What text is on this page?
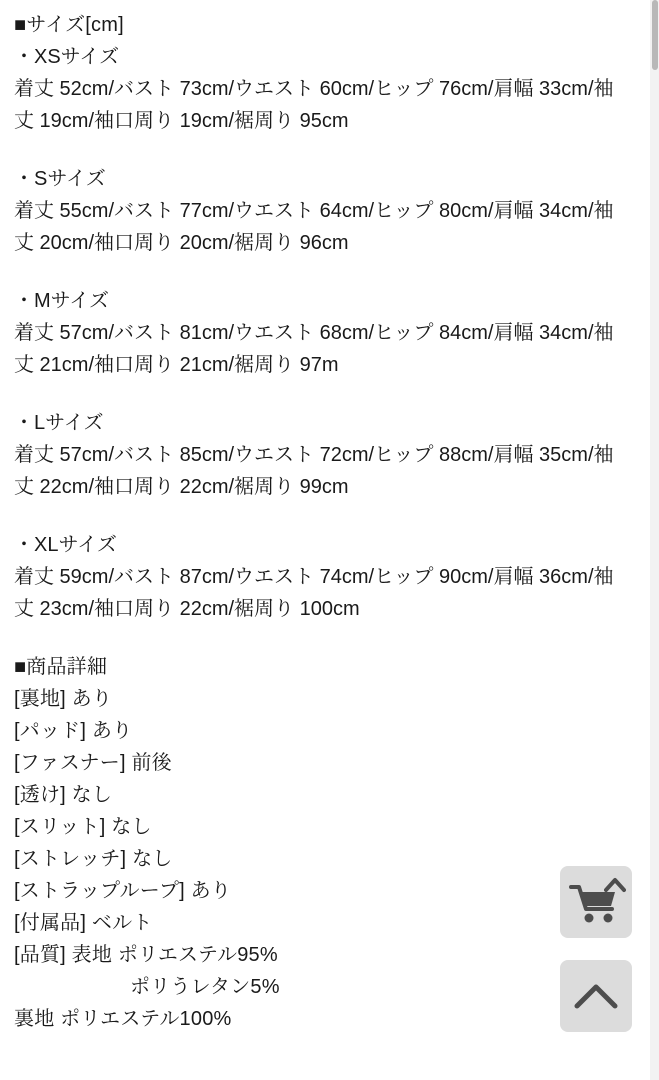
■サイズ[cm]
・XSサイズ
着丈 52cm/バスト 73cm/ウエスト 60cm/ヒップ 76cm/肩幅 33cm/袖丈 19cm/袖口周り 19cm/裾周り 95cm
・Sサイズ
着丈 55cm/バスト 77cm/ウエスト 64cm/ヒップ 80cm/肩幅 34cm/袖丈 20cm/袖口周り 20cm/裾周り 96cm
・Mサイズ
着丈 57cm/バスト 81cm/ウエスト 68cm/ヒップ 84cm/肩幅 34cm/袖丈 21cm/袖口周り 21cm/裾周り 97m
・Lサイズ
着丈 57cm/バスト 85cm/ウエスト 72cm/ヒップ 88cm/肩幅 35cm/袖丈 22cm/袖口周り 22cm/裾周り 99cm
・XLサイズ
着丈 59cm/バスト 87cm/ウエスト 74cm/ヒップ 90cm/肩幅 36cm/袖丈 23cm/袖口周り 22cm/裾周り 100cm
■商品詳細
[裏地] あり
[パッド] あり
[ファスナー] 前後
[透け] なし
[スリット] なし
[ストレッチ] なし
[ストラップループ] あり
[付属品] ベルト
[品質] 表地 ポリエステル95%
ポリうレタン5%
裏地 ポリエステル100%
